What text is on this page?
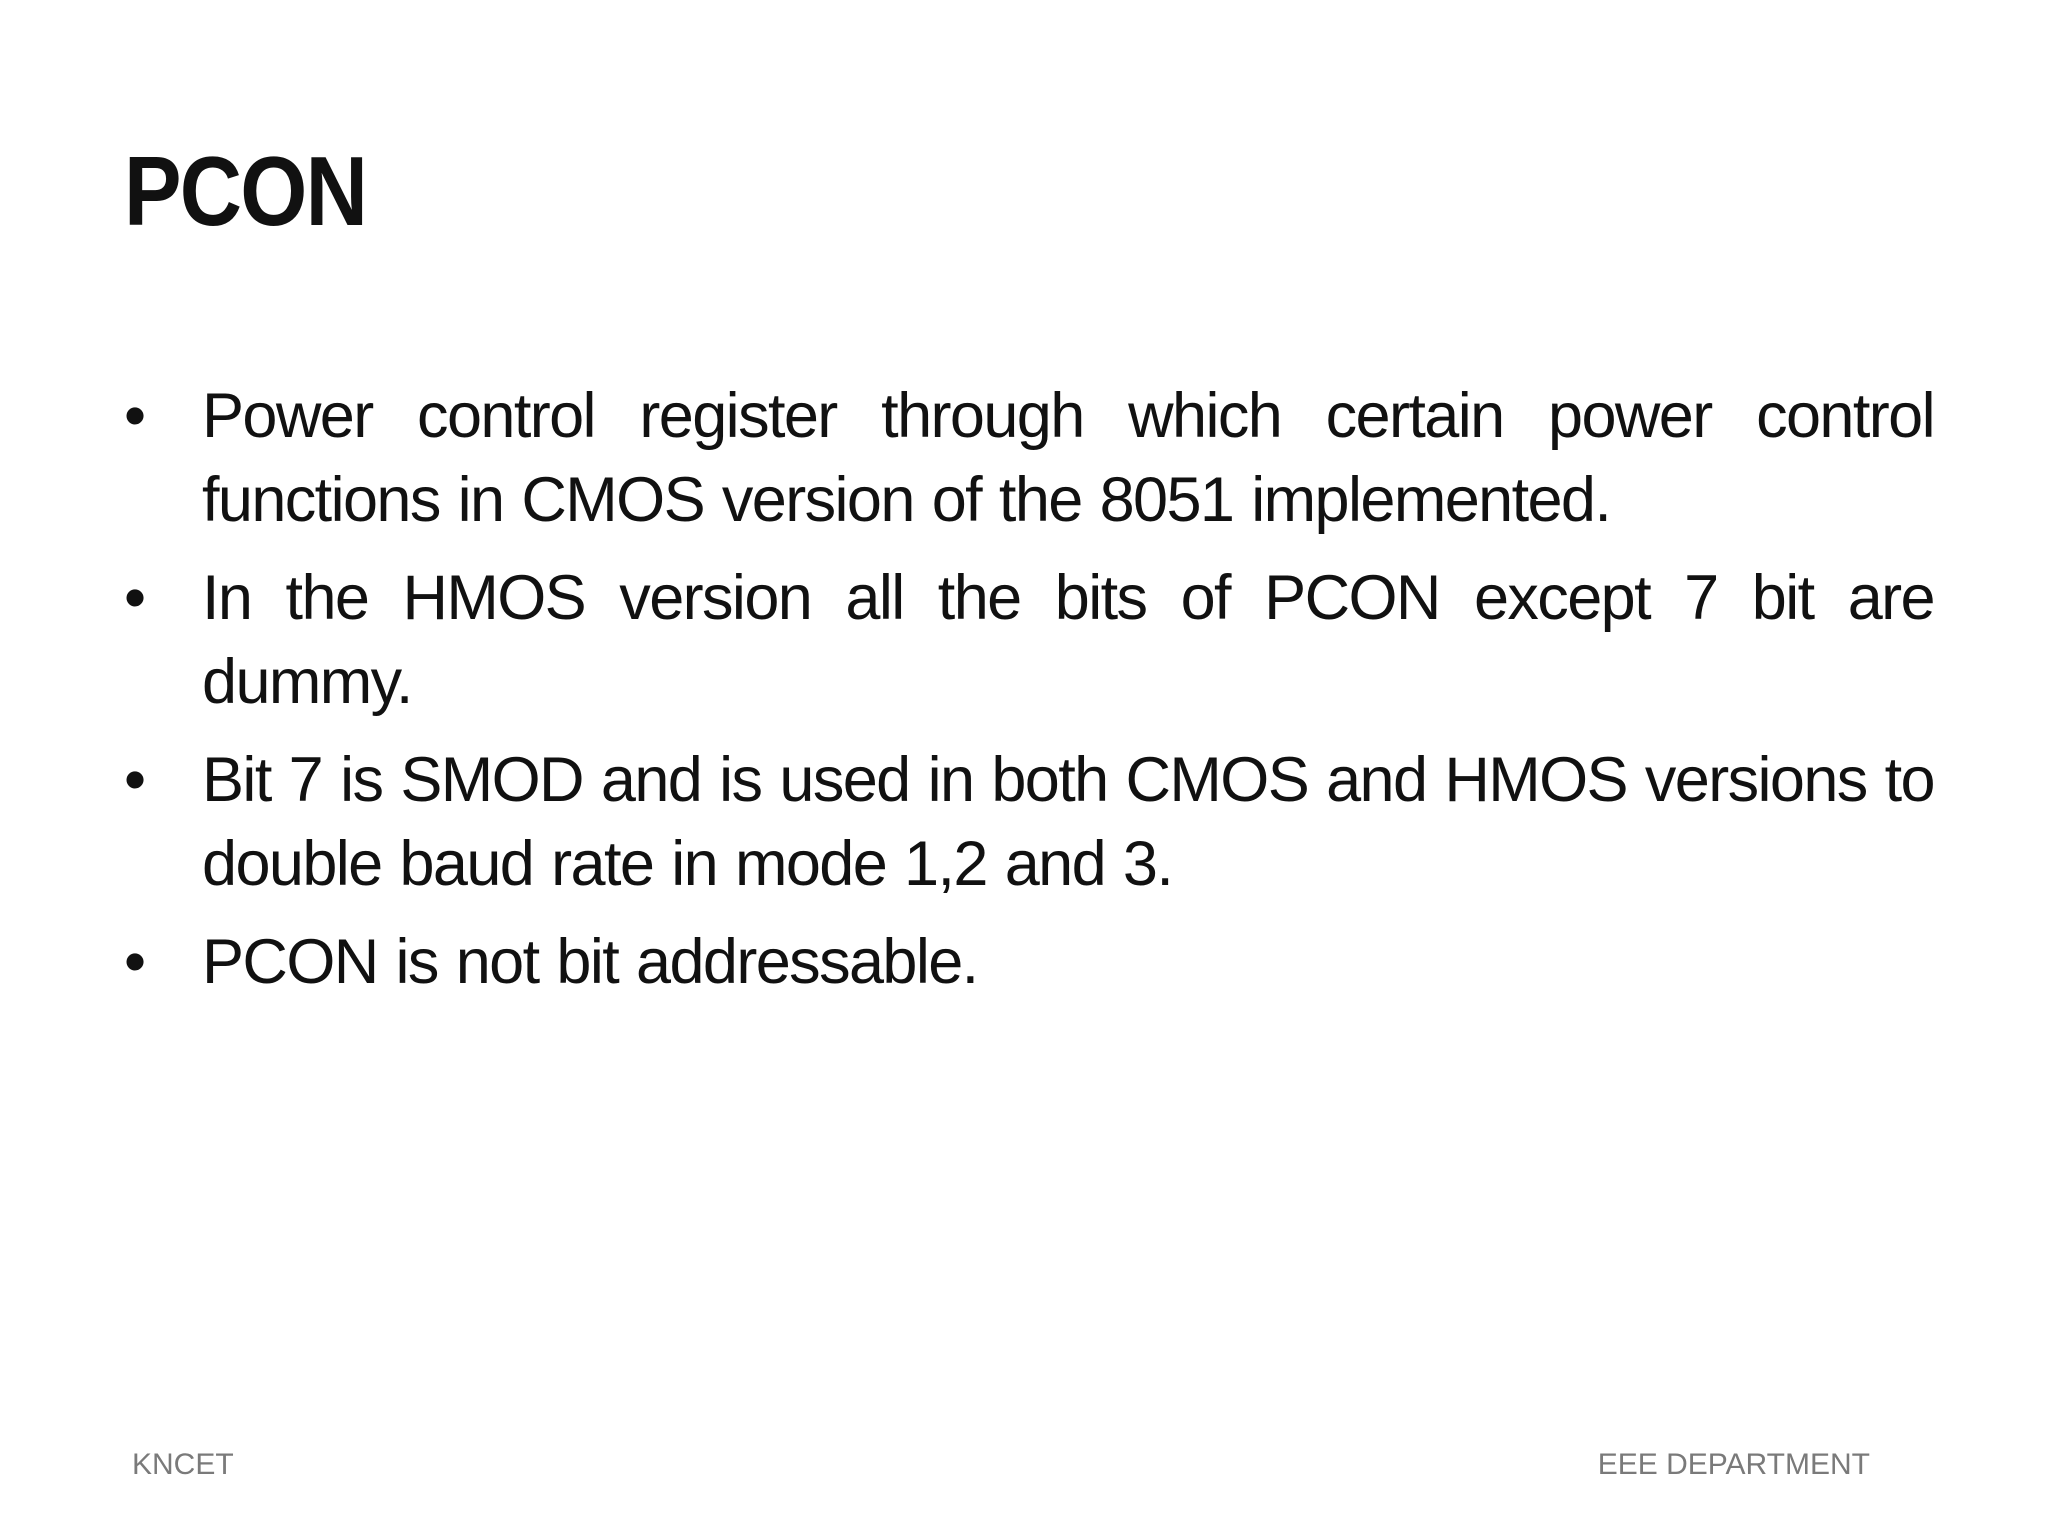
PCON
• Power control register through which certain power control functions in CMOS version of the 8051 implemented.
• In the HMOS version all the bits of PCON except 7 bit are dummy.
• Bit 7 is SMOD and is used in both CMOS and HMOS versions to double baud rate in mode 1,2 and 3.
• PCON is not bit addressable.
KNCET	EEE DEPARTMENT
